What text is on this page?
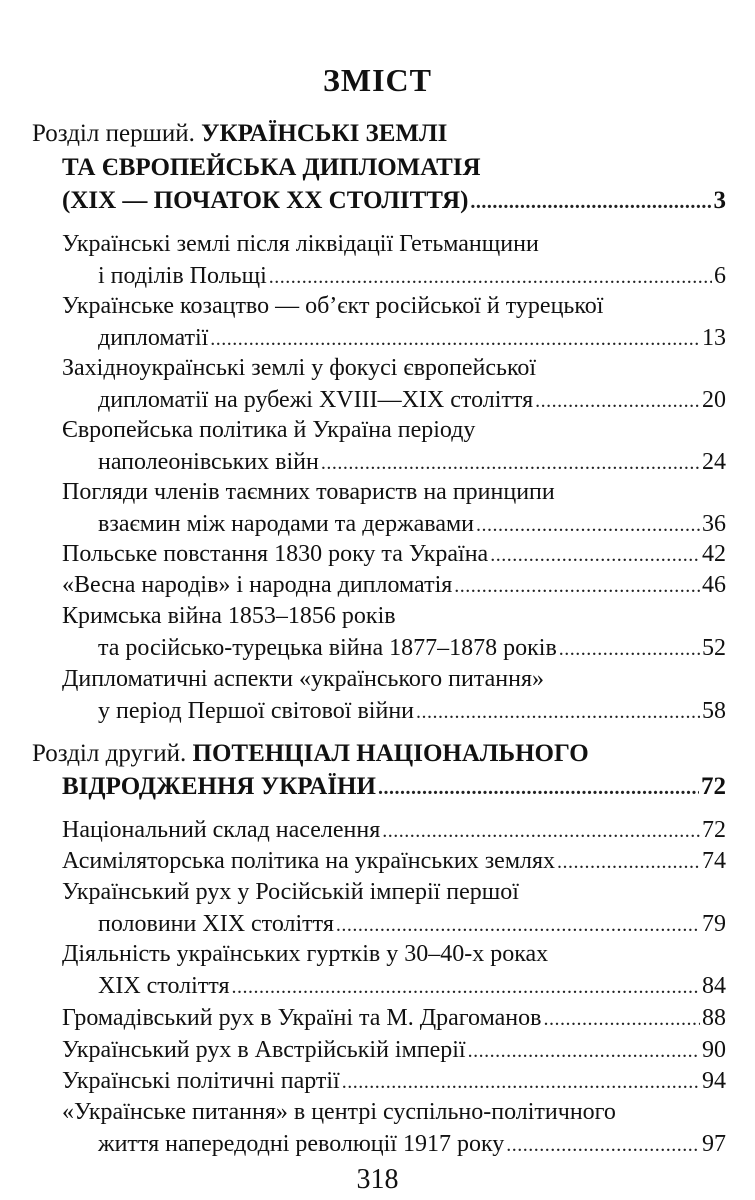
ЗМІСТ
Розділ перший. УКРАЇНСЬКІ ЗЕМЛІ
ТА ЄВРОПЕЙСЬКА ДИПЛОМАТІЯ
(XIX — ПОЧАТОК XX СТОЛІТТЯ) .....	3
Українські землі після ліквідації Гетьманщини
і поділів Польщі .....	6
Українське козацтво — об’єкт російської й турецької
дипломатії .....	13
Західноукраїнські землі у фокусі європейської
дипломатії на рубежі XVIII—XIX століття .....	20
Європейська політика й Україна періоду
наполеонівських війн .....	24
Погляди членів таємних товариств на принципи
взаємин між народами та державами .....	36
Польське повстання 1830 року та Україна .....	42
«Весна народів» і народна дипломатія .....	46
Кримська війна 1853–1856 років
та російсько-турецька війна 1877–1878 років .....	52
Дипломатичні аспекти «українського питання»
у період Першої світової війни .....	58
Розділ другий. ПОТЕНЦІАЛ НАЦІОНАЛЬНОГО
ВІДРОДЖЕННЯ УКРАЇНИ .....	72
Національний склад населення .....	72
Асиміляторська політика на українських землях .....	74
Український рух у Російській імперії першої
половини XIX століття .....	79
Діяльність українських гуртків у 30–40-х роках
XIX століття .....	84
Громадівський рух в Україні та М. Драгоманов .....	88
Український рух в Австрійській імперії .....	90
Українські політичні партії .....	94
«Українське питання» в центрі суспільно-політичного
життя напередодні революції 1917 року .....	97
318
